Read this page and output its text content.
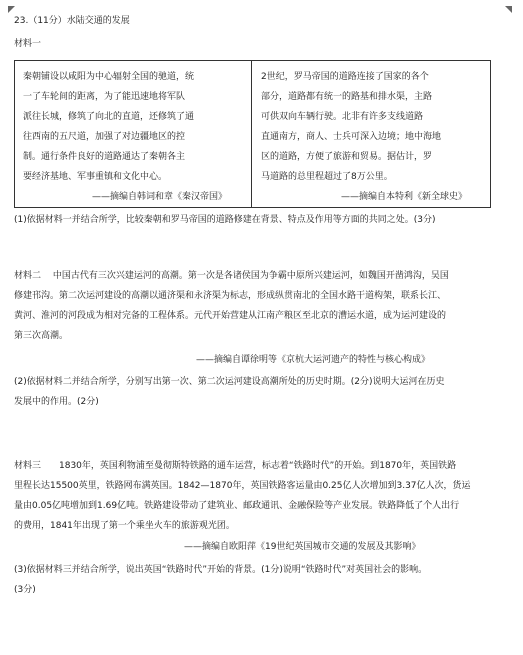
23.（11分）水陆交通的发展
材料一
秦朝铺设以咸阳为中心辐射全国的驰道，统
一了车轮间的距离，为了能迅速地将军队
派往长城，修筑了向北的直道，还修筑了通
往西南的五尺道，加强了对边疆地区的控
制。通行条件良好的道路通达了秦朝各主
要经济基地、军事重镇和文化中心。
——摘编自韩词和章《秦汉帝国》
2世纪，罗马帝国的道路连接了国家的各个
部分，道路都有统一的路基和排水渠，主路
可供双向车辆行驶。北非有许多支线道路
直通南方，商人、士兵可深入边境；地中海地
区的道路，方便了旅游和贸易。据估计，罗
马道路的总里程超过了8万公里。
——摘编自本特利《新全球史》
(1)依据材料一并结合所学，比较秦朝和罗马帝国的道路修建在背景、特点及作用等方面的共同之处。(3分)
材料二　 中国古代有三次兴建运河的高潮。第一次是各诸侯国为争霸中原所兴建运河，如魏国开凿鸿沟，吴国
修建邗沟。第二次运河建设的高潮以通济渠和永济渠为标志，形成纵贯南北的全国水路干道构架，联系长江、
黄河、淮河的河段成为相对完备的工程体系。元代开始营建从江南产粮区至北京的漕运水道，成为运河建设的
第三次高潮。
——摘编自谭徐明等《京杭大运河遗产的特性与核心构成》
(2)依据材料二并结合所学，分别写出第一次、第二次运河建设高潮所处的历史时期。(2分)说明大运河在历史
发展中的作用。(2分)
材料三　　1830年，英国利物浦至曼彻斯特铁路的通车运营，标志着“铁路时代”的开始。到1870年，英国铁路
里程长达15500英里，铁路网布满英国。1842—1870年，英国铁路客运量由0.25亿人次增加到3.37亿人次，货运
量由0.05亿吨增加到1.69亿吨。铁路建设带动了建筑业、邮政通讯、金融保险等产业发展。铁路降低了个人出行
的费用，1841年出现了第一个乘坐火车的旅游观光团。
——摘编自欧阳萍《19世纪英国城市交通的发展及其影响》
(3)依据材料三并结合所学，说出英国“铁路时代”开始的背景。(1分)说明“铁路时代”对英国社会的影响。
(3分)
